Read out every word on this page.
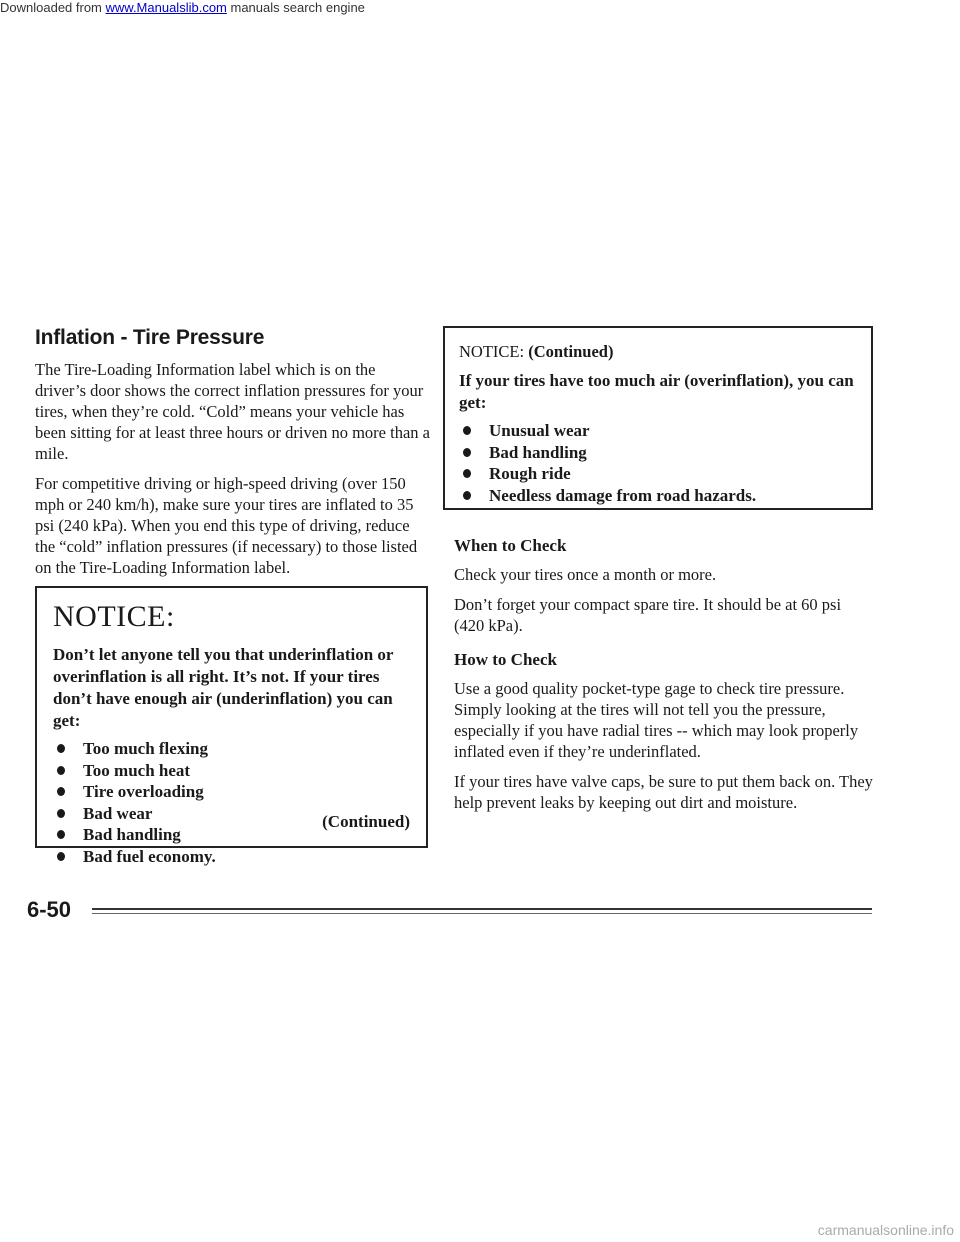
Downloaded from www.Manualslib.com manuals search engine
Inflation - Tire Pressure

The Tire-Loading Information label which is on the driver’s door shows the correct inflation pressures for your tires, when they’re cold. “Cold” means your vehicle has been sitting for at least three hours or driven no more than a mile.

For competitive driving or high-speed driving (over 150 mph or 240 km/h), make sure your tires are inflated to 35 psi (240 kPa). When you end this type of driving, reduce the “cold” inflation pressures (if necessary) to those listed on the Tire-Loading Information label.

NOTICE:

Don’t let anyone tell you that underinflation or overinflation is all right. It’s not. If your tires don’t have enough air (underinflation) you can get:

Too much flexing
Too much heat
Tire overloading
Bad wear
Bad handling
Bad fuel economy.
(Continued)
NOTICE: (Continued)

If your tires have too much air (overinflation), you can get:

Unusual wear
Bad handling
Rough ride
Needless damage from road hazards.
When to Check

Check your tires once a month or more.

Don’t forget your compact spare tire. It should be at 60 psi (420 kPa).

How to Check

Use a good quality pocket-type gage to check tire pressure. Simply looking at the tires will not tell you the pressure, especially if you have radial tires -- which may look properly inflated even if they’re underinflated.

If your tires have valve caps, be sure to put them back on. They help prevent leaks by keeping out dirt and moisture.

6-50
carmanualsonline.info
